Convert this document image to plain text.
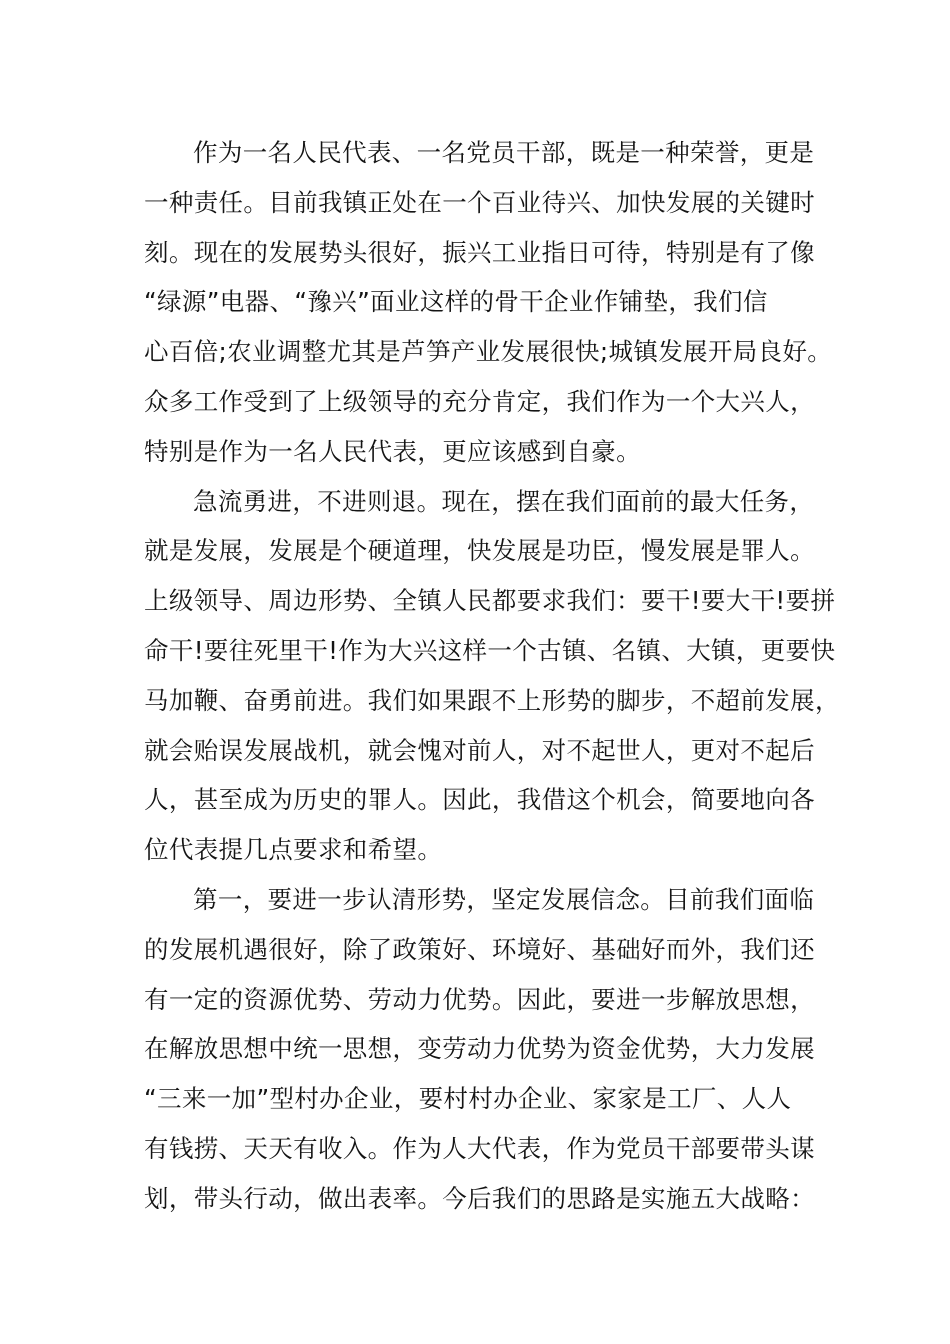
作为一名人民代表、一名党员干部，既是一种荣誉，更是
一种责任。目前我镇正处在一个百业待兴、加快发展的关键时
刻。现在的发展势头很好，振兴工业指日可待，特别是有了像
“绿源”电器、“豫兴”面业这样的骨干企业作铺垫，我们信
心百倍;农业调整尤其是芦笋产业发展很快;城镇发展开局良好。
众多工作受到了上级领导的充分肯定，我们作为一个大兴人，
特别是作为一名人民代表，更应该感到自豪。
急流勇进，不进则退。现在，摆在我们面前的最大任务，
就是发展，发展是个硬道理，快发展是功臣，慢发展是罪人。
上级领导、周边形势、全镇人民都要求我们：要干!要大干!要拼
命干!要往死里干!作为大兴这样一个古镇、名镇、大镇，更要快
马加鞭、奋勇前进。我们如果跟不上形势的脚步，不超前发展，
就会贻误发展战机，就会愧对前人，对不起世人，更对不起后
人，甚至成为历史的罪人。因此，我借这个机会，简要地向各
位代表提几点要求和希望。
第一，要进一步认清形势，坚定发展信念。目前我们面临
的发展机遇很好，除了政策好、环境好、基础好而外，我们还
有一定的资源优势、劳动力优势。因此，要进一步解放思想，
在解放思想中统一思想，变劳动力优势为资金优势，大力发展
“三来一加”型村办企业，要村村办企业、家家是工厂、人人
有钱捞、天天有收入。作为人大代表，作为党员干部要带头谋
划，带头行动，做出表率。今后我们的思路是实施五大战略：
